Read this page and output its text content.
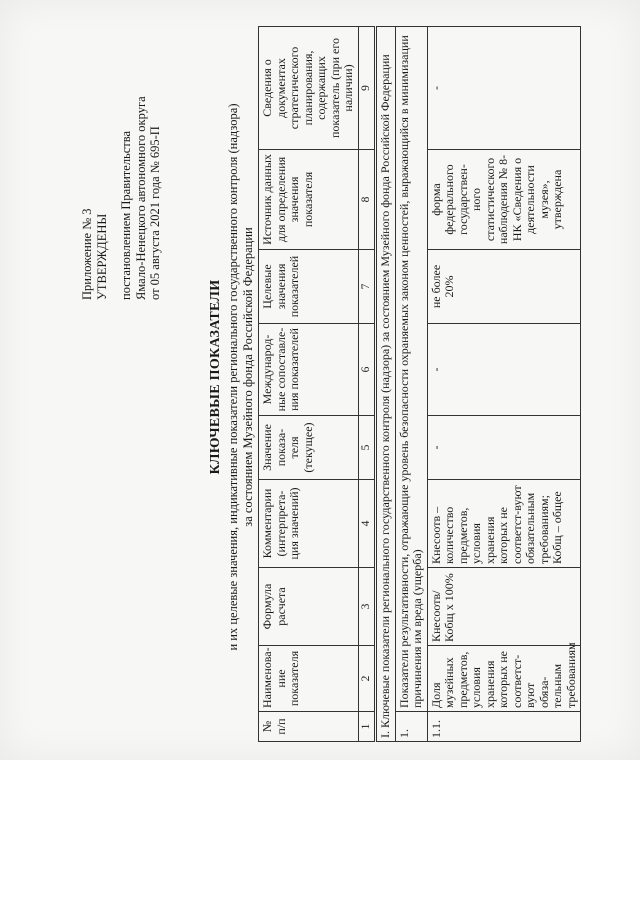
Приложение № 3 УТВЕРЖДЕНЫ постановлением Правительства Ямало-Ненецкого автономного округа от 05 августа 2021 года № 695-П
КЛЮЧЕВЫЕ ПОКАЗАТЕЛИ и их целевые значения, индикативные показатели регионального государственного контроля (надзора) за состоянием Музейного фонда Российской Федерации
№ п/п	Наименова-ние показателя	Формула расчета	Комментарии (интерпрета-ция значений)	Значение показа-теля (текущее)	Международ-ные сопоставле-ния показателей	Целевые значения показателей	Источник данных для определения значения показателя	Сведения о документах стратегического планирования, содержащих показатель (при его наличии)
1	2	3	4	5	6	7	8	9
I. Ключевые показатели регионального государственного контроля (надзора) за состоянием Музейного фонда Российской Федерации								
1.	Показатели результативности, отражающие уровень безопасности охраняемых законом ценностей, выражающийся в минимизации причинения им вреда (ущерба)							
1.1.	Доля музейных предметов, условия хранения которых не соответст-вуют обяза-тельным требованиям	Кнесоотв/ Кобщ х 100%	Кнесоотв – количество предметов, условия хранения которых не соответст-вуют обязательным требованиям; Кобщ – общее	-	-	не более 20%	форма федерального государствен-ного статистического наблюдения № 8-НК «Сведения о деятельности музея», утверждена	-
